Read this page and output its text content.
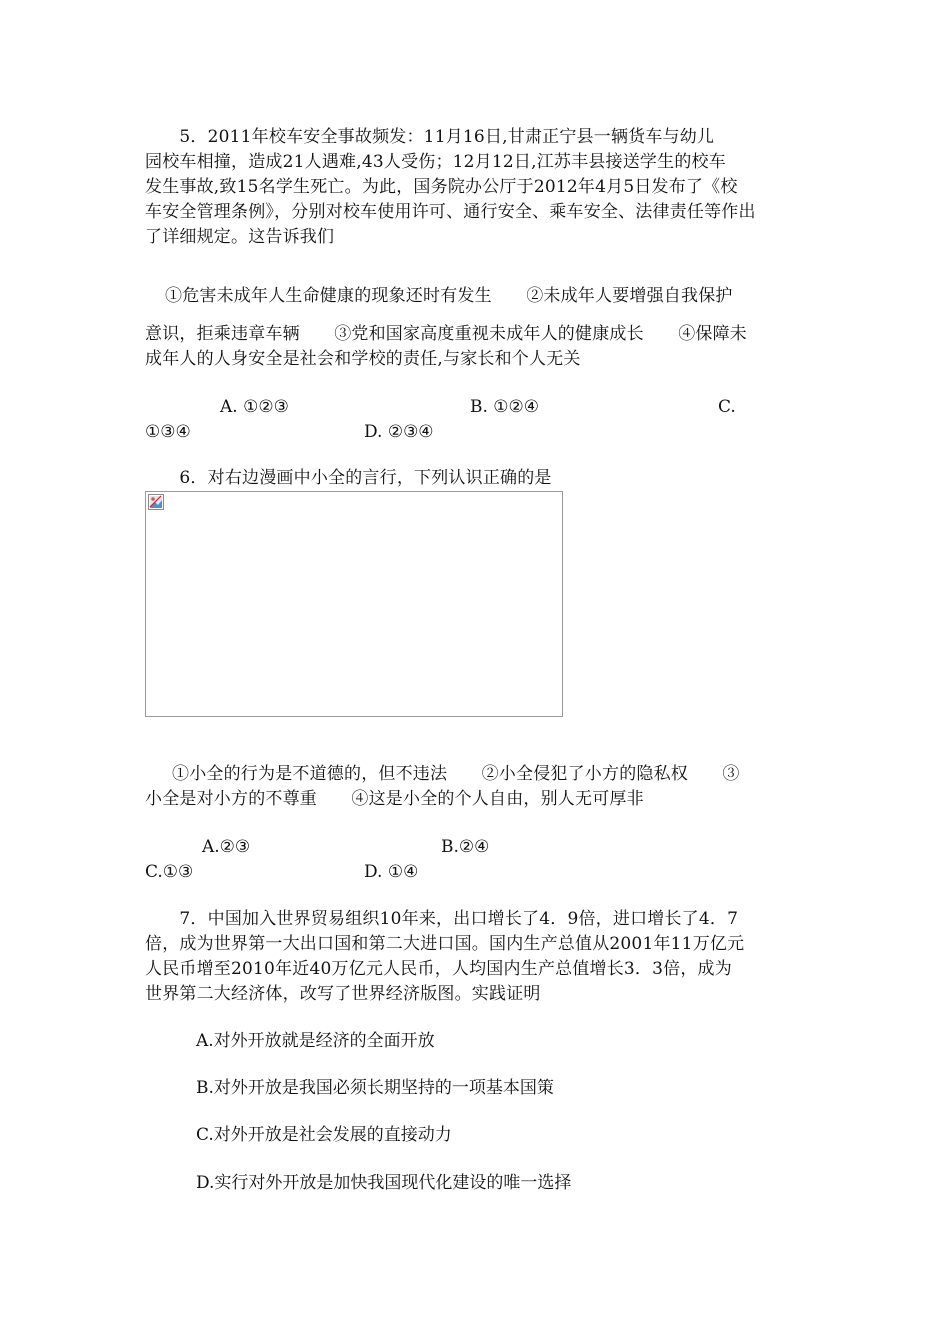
　　5．2011年校车安全事故频发：11月16日,甘肃正宁县一辆货车与幼儿
园校车相撞，造成21人遇难,43人受伤；12月12日,江苏丰县接送学生的校车
发生事故,致15名学生死亡。为此，国务院办公厅于2012年4月5日发布了《校
车安全管理条例》，分别对校车使用许可、通行安全、乘车安全、法律责任等作出
了详细规定。这告诉我们
①危害未成年人生命健康的现象还时有发生　　②未成年人要增强自我保护
意识，拒乘违章车辆　　③党和国家高度重视未成年人的健康成长　　④保障未
成年人的人身安全是社会和学校的责任,与家长和个人无关
A. ①②③	B. ①②④	C.
①③④	D. ②③④
　　6．对右边漫画中小全的言行，下列认识正确的是
①小全的行为是不道德的，但不违法　　②小全侵犯了小方的隐私权　　③
小全是对小方的不尊重　　④这是小全的个人自由，别人无可厚非
A.②③	B.②④
C.①③	D. ①④
　　7．中国加入世界贸易组织10年来，出口增长了4．9倍，进口增长了4．7
倍，成为世界第一大出口国和第二大进口国。国内生产总值从2001年11万亿元
人民币增至2010年近40万亿元人民币，人均国内生产总值增长3．3倍，成为
世界第二大经济体，改写了世界经济版图。实践证明
A.对外开放就是经济的全面开放
B.对外开放是我国必须长期坚持的一项基本国策
C.对外开放是社会发展的直接动力
D.实行对外开放是加快我国现代化建设的唯一选择
